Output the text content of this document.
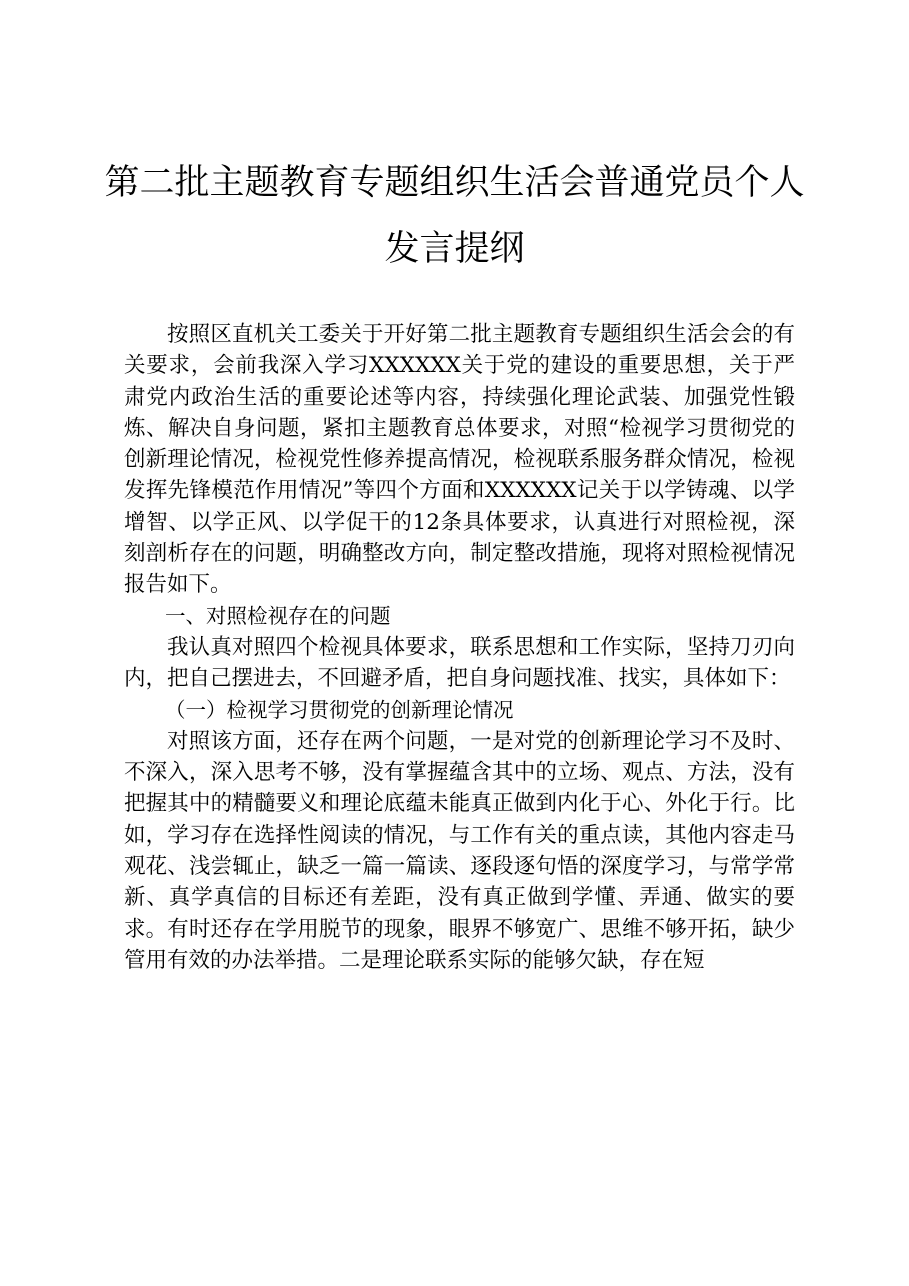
第二批主题教育专题组织生活会普通党员个人发言提纲

按照区直机关工委关于开好第二批主题教育专题组织生活会会的有关要求，会前我深入学习XXXXXX关于党的建设的重要思想，关于严肃党内政治生活的重要论述等内容，持续强化理论武装、加强党性锻炼、解决自身问题，紧扣主题教育总体要求，对照“检视学习贯彻党的创新理论情况，检视党性修养提高情况，检视联系服务群众情况，检视发挥先锋模范作用情况”等四个方面和XXXXXX记关于以学铸魂、以学增智、以学正风、以学促干的12条具体要求，认真进行对照检视，深刻剖析存在的问题，明确整改方向，制定整改措施，现将对照检视情况报告如下。

一、对照检视存在的问题

我认真对照四个检视具体要求，联系思想和工作实际，坚持刀刃向内，把自己摆进去，不回避矛盾，把自身问题找准、找实，具体如下：

（一）检视学习贯彻党的创新理论情况

对照该方面，还存在两个问题，一是对党的创新理论学习不及时、不深入，深入思考不够，没有掌握蕴含其中的立场、观点、方法，没有把握其中的精髓要义和理论底蕴未能真正做到内化于心、外化于行。比如，学习存在选择性阅读的情况，与工作有关的重点读，其他内容走马观花、浅尝辄止，缺乏一篇一篇读、逐段逐句悟的深度学习，与常学常新、真学真信的目标还有差距，没有真正做到学懂、弄通、做实的要求。有时还存在学用脱节的现象，眼界不够宽广、思维不够开拓，缺少管用有效的办法举措。二是理论联系实际的能够欠缺，存在短
